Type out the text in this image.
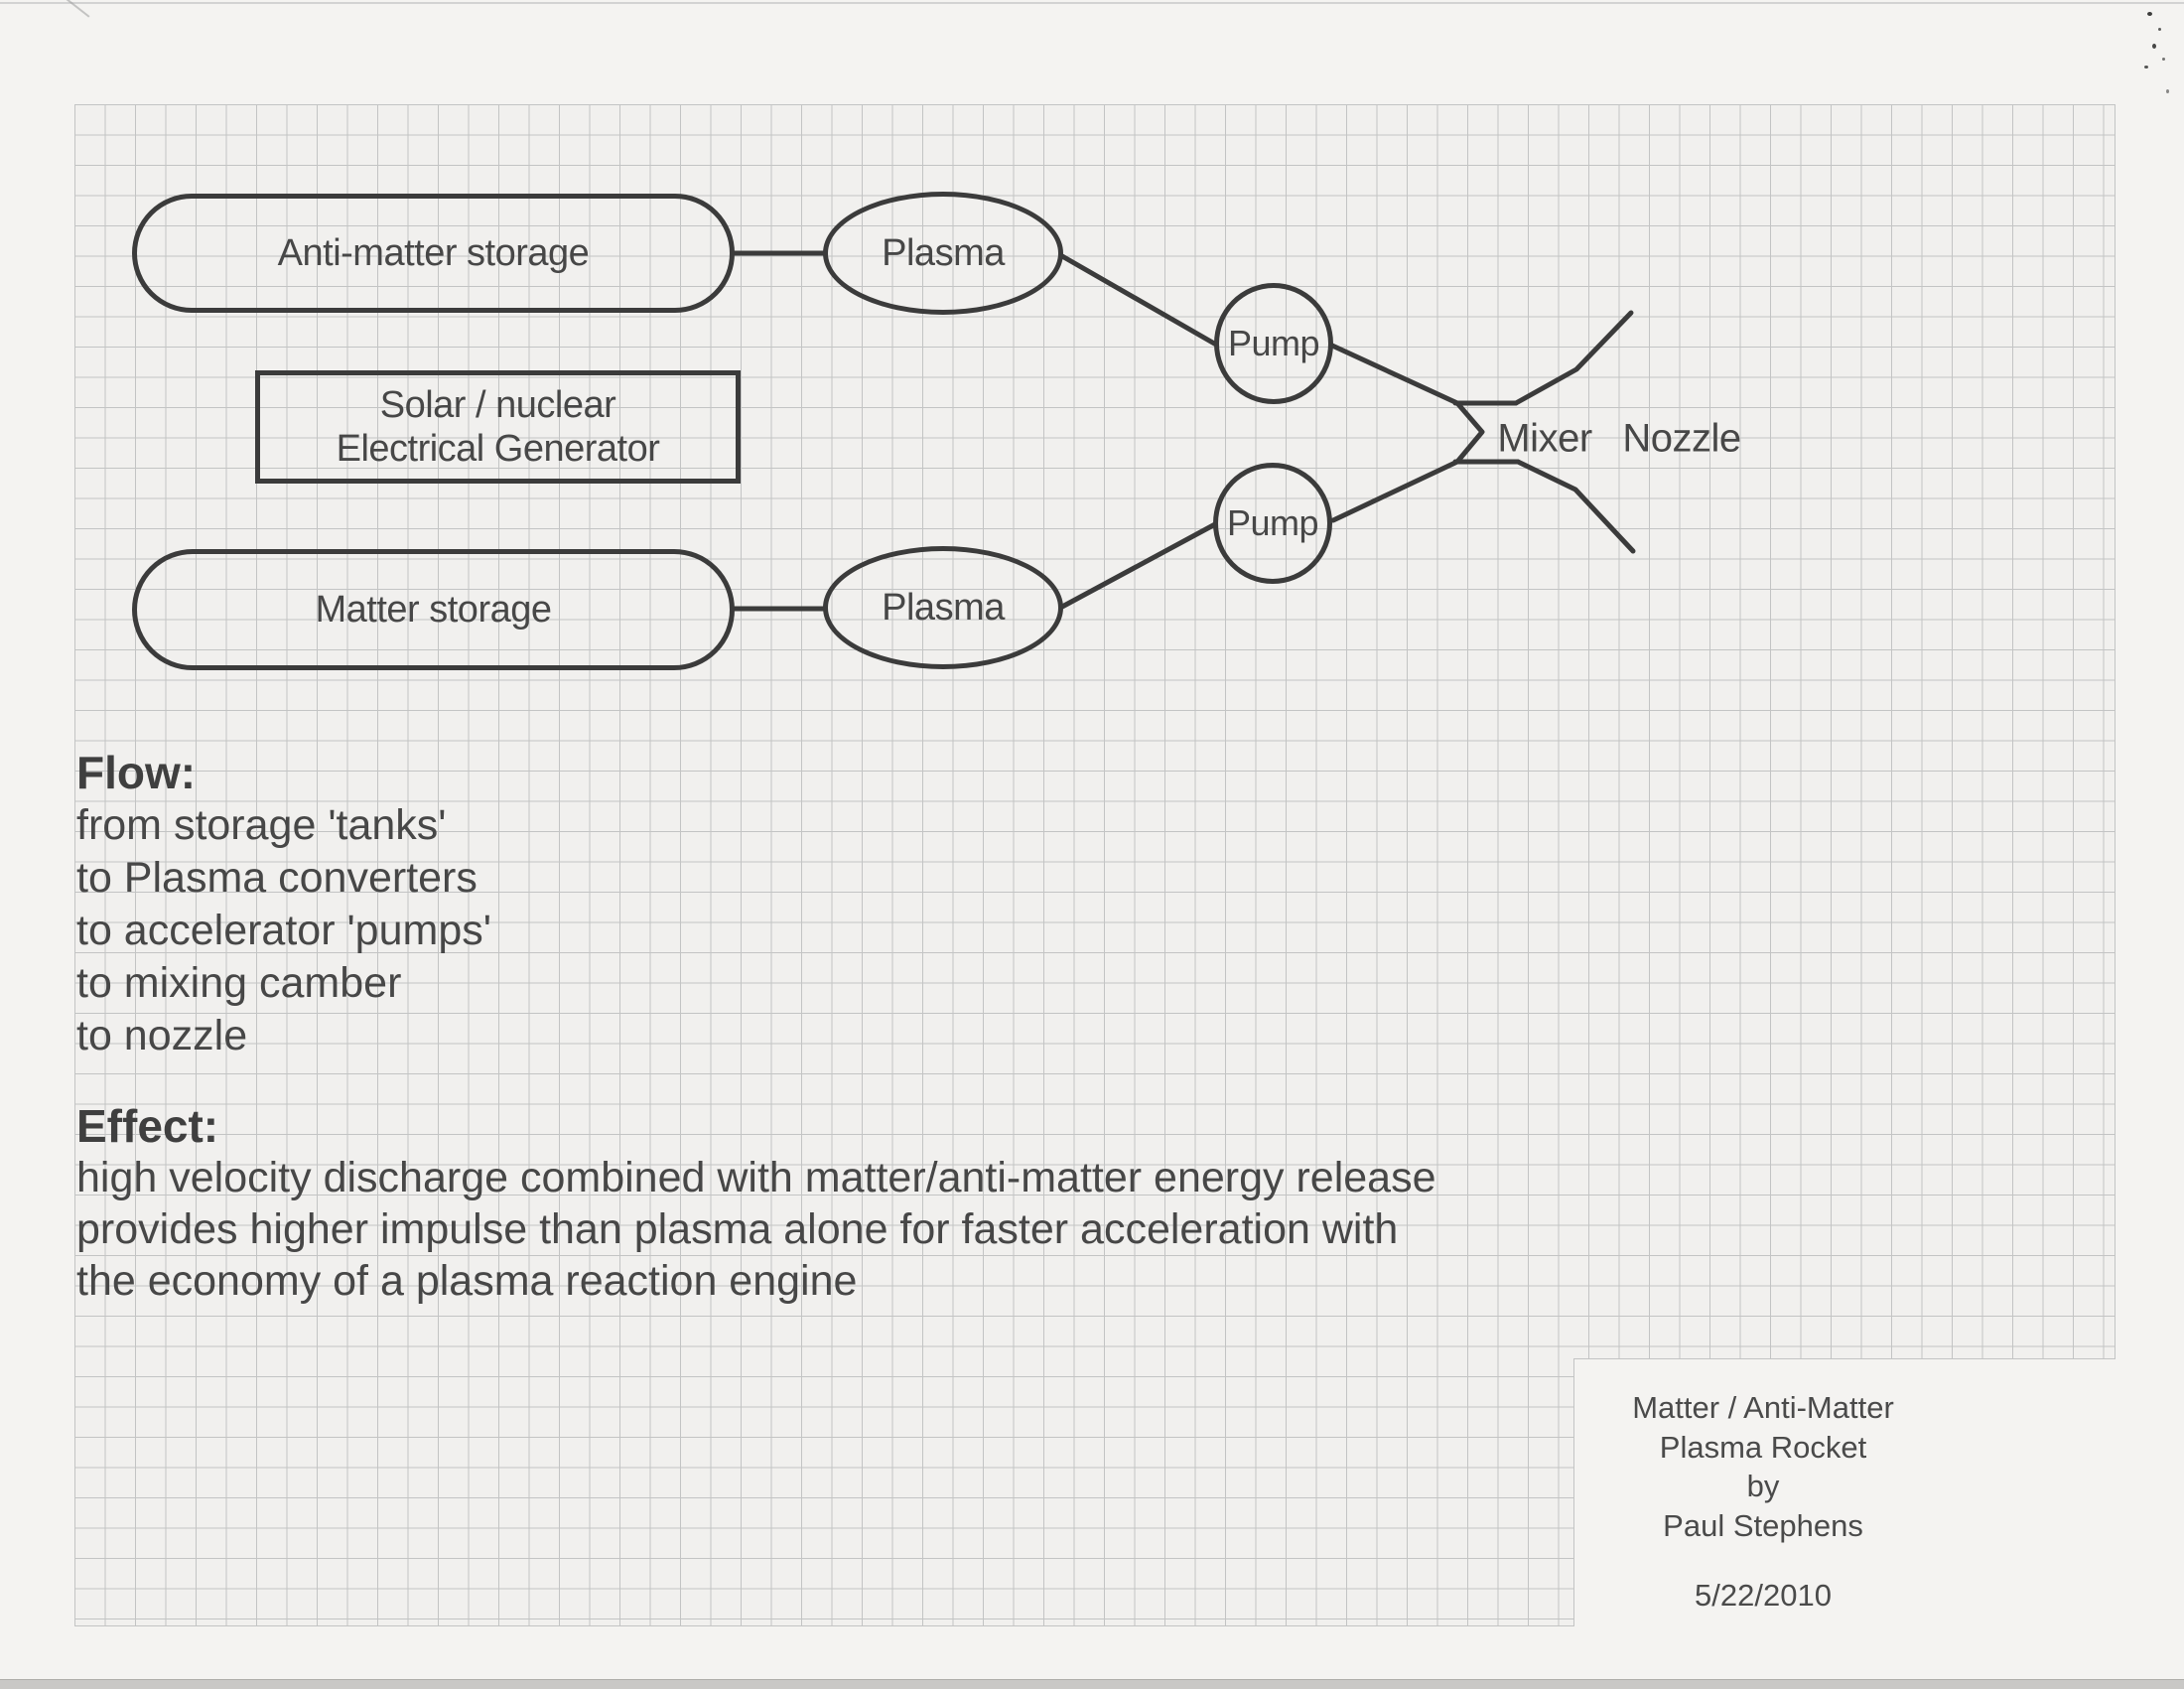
Anti-matter storage
Solar / nuclear
Electrical Generator
Matter storage
Plasma
Plasma
Pump
Pump
Mixer Nozzle
Flow:
from storage 'tanks'
to Plasma converters
to accelerator 'pumps'
to mixing camber
to nozzle
Effect:
high velocity discharge combined with matter/anti-matter energy release
provides higher impulse than plasma alone for faster acceleration with
the economy of a plasma reaction engine
Matter / Anti-Matter
Plasma Rocket
by
Paul Stephens
5/22/2010
